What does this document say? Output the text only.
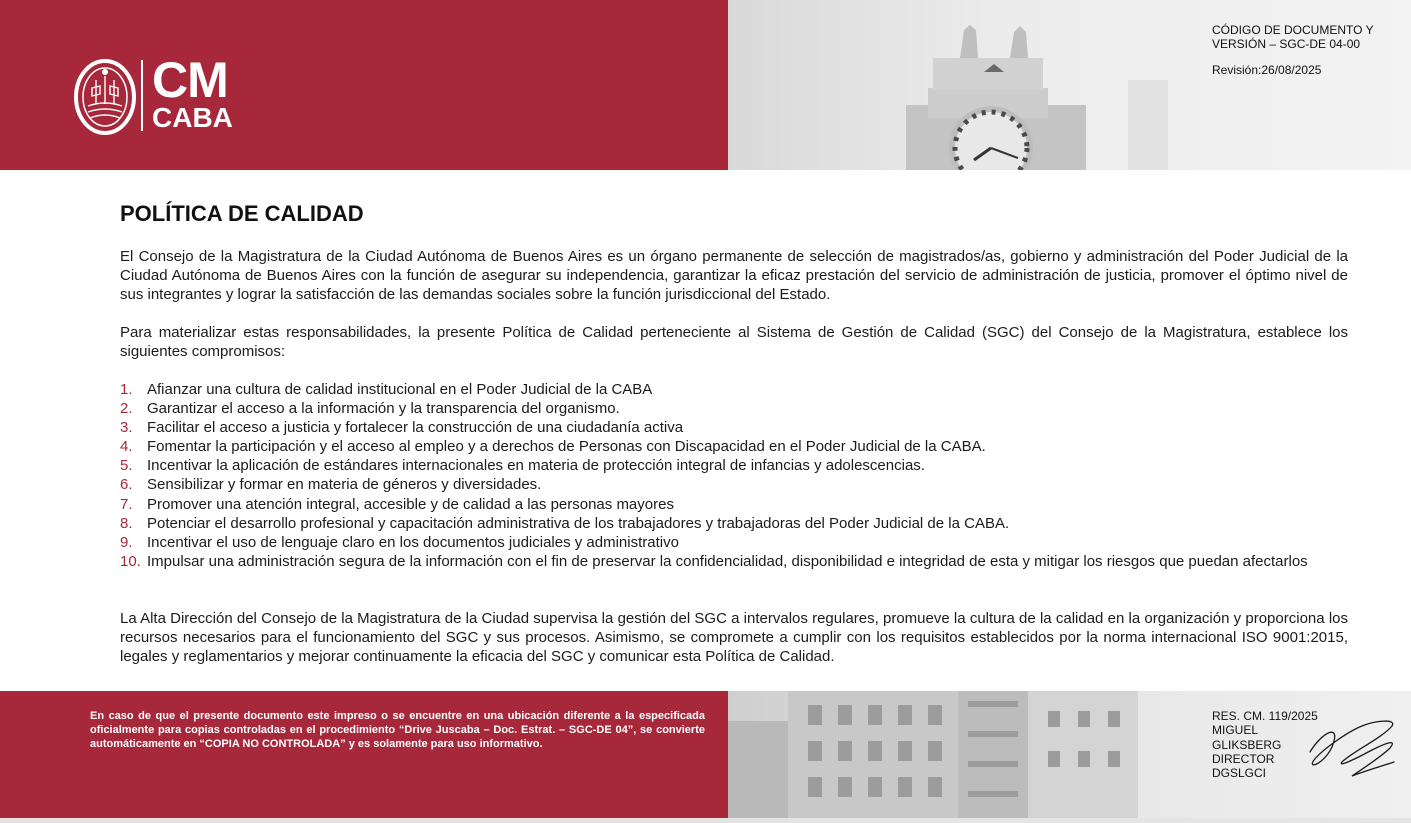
CM
CABA
CÓDIGO DE DOCUMENTO Y VERSIÓN – SGC-DE 04-00
Revisión:26/08/2025
POLÍTICA DE CALIDAD
El Consejo de la Magistratura de la Ciudad Autónoma de Buenos Aires es un órgano permanente de selección de magistrados/as, gobierno y administración del Poder Judicial de la Ciudad Autónoma de Buenos Aires con la función de asegurar su independencia, garantizar la eficaz prestación del servicio de administración de justicia, promover el óptimo nivel de sus integrantes y lograr la satisfacción de las demandas sociales sobre la función jurisdiccional del Estado.
Para materializar estas responsabilidades, la presente Política de Calidad perteneciente al Sistema de Gestión de Calidad (SGC) del Consejo de la Magistratura, establece los siguientes compromisos:
1. Afianzar una cultura de calidad institucional en el Poder Judicial de la CABA
2. Garantizar el acceso a la información y la transparencia del organismo.
3. Facilitar el acceso a justicia y fortalecer la construcción de una ciudadanía activa
4. Fomentar la participación y el acceso al empleo y a derechos de Personas con Discapacidad en el Poder Judicial de la CABA.
5. Incentivar la aplicación de estándares internacionales en materia de protección integral de infancias y adolescencias.
6. Sensibilizar y formar en materia de géneros y diversidades.
7. Promover una atención integral, accesible y de calidad a las personas mayores
8. Potenciar el desarrollo profesional y capacitación administrativa de los trabajadores y trabajadoras del Poder Judicial de la CABA.
9. Incentivar el uso de lenguaje claro en los documentos judiciales y administrativo
10. Impulsar una administración segura de la información con el fin de preservar la confidencialidad, disponibilidad e integridad de esta y mitigar los riesgos que puedan afectarlos
La Alta Dirección del Consejo de la Magistratura de la Ciudad supervisa la gestión del SGC a intervalos regulares, promueve la cultura de la calidad en la organización y proporciona los recursos necesarios para el funcionamiento del SGC y sus procesos. Asimismo, se compromete a cumplir con los requisitos establecidos por la norma internacional ISO 9001:2015, legales y reglamentarios y mejorar continuamente la eficacia del SGC y comunicar esta Política de Calidad.
En caso de que el presente documento este impreso o se encuentre en una ubicación diferente a la especificada oficialmente para copias controladas en el procedimiento “Drive Juscaba – Doc. Estrat. – SGC-DE 04”, se convierte automáticamente en “COPIA NO CONTROLADA” y es solamente para uso informativo.
RES. CM. 119/2025
MIGUEL
GLIKSBERG
DIRECTOR
DGSLGCI
